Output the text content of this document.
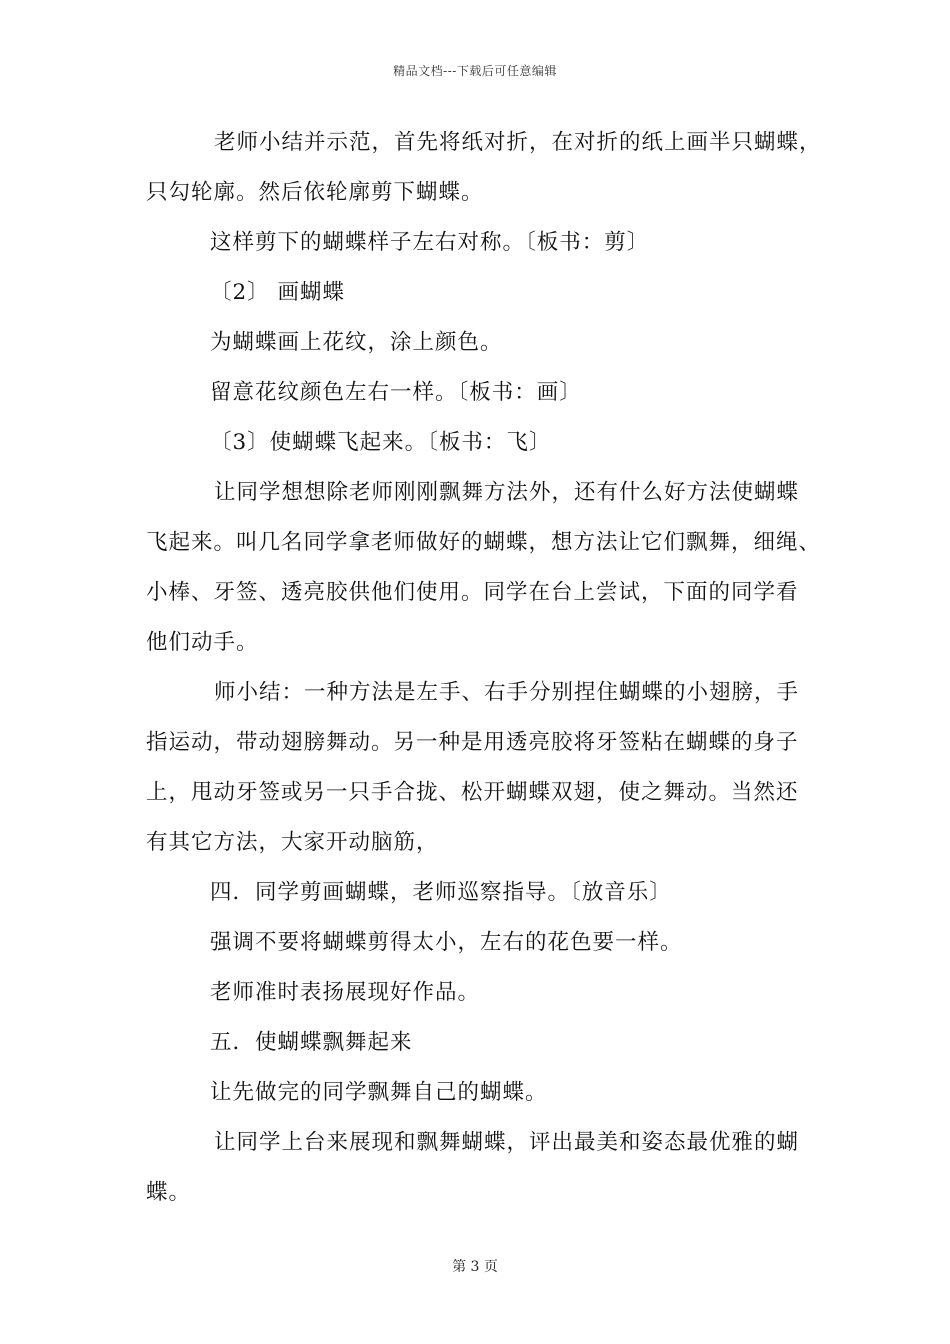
精品文档---下载后可任意编辑
老师小结并示范，首先将纸对折，在对折的纸上画半只蝴蝶，
只勾轮廓。然后依轮廓剪下蝴蝶。
这样剪下的蝴蝶样子左右对称。〔板书：剪〕
〔2〕 画蝴蝶
为蝴蝶画上花纹，涂上颜色。
留意花纹颜色左右一样。〔板书：画〕
〔3〕使蝴蝶飞起来。〔板书：飞〕
让同学想想除老师刚刚飘舞方法外，还有什么好方法使蝴蝶
飞起来。叫几名同学拿老师做好的蝴蝶，想方法让它们飘舞，细绳、
小棒、牙签、透亮胶供他们使用。同学在台上尝试，下面的同学看
他们动手。
师小结：一种方法是左手、右手分别捏住蝴蝶的小翅膀，手
指运动，带动翅膀舞动。另一种是用透亮胶将牙签粘在蝴蝶的身子
上，甩动牙签或另一只手合拢、松开蝴蝶双翅，使之舞动。当然还
有其它方法，大家开动脑筋，
四．同学剪画蝴蝶，老师巡察指导。〔放音乐〕
强调不要将蝴蝶剪得太小，左右的花色要一样。
老师准时表扬展现好作品。
五．使蝴蝶飘舞起来
让先做完的同学飘舞自己的蝴蝶。
让同学上台来展现和飘舞蝴蝶，评出最美和姿态最优雅的蝴
蝶。
第 3 页
